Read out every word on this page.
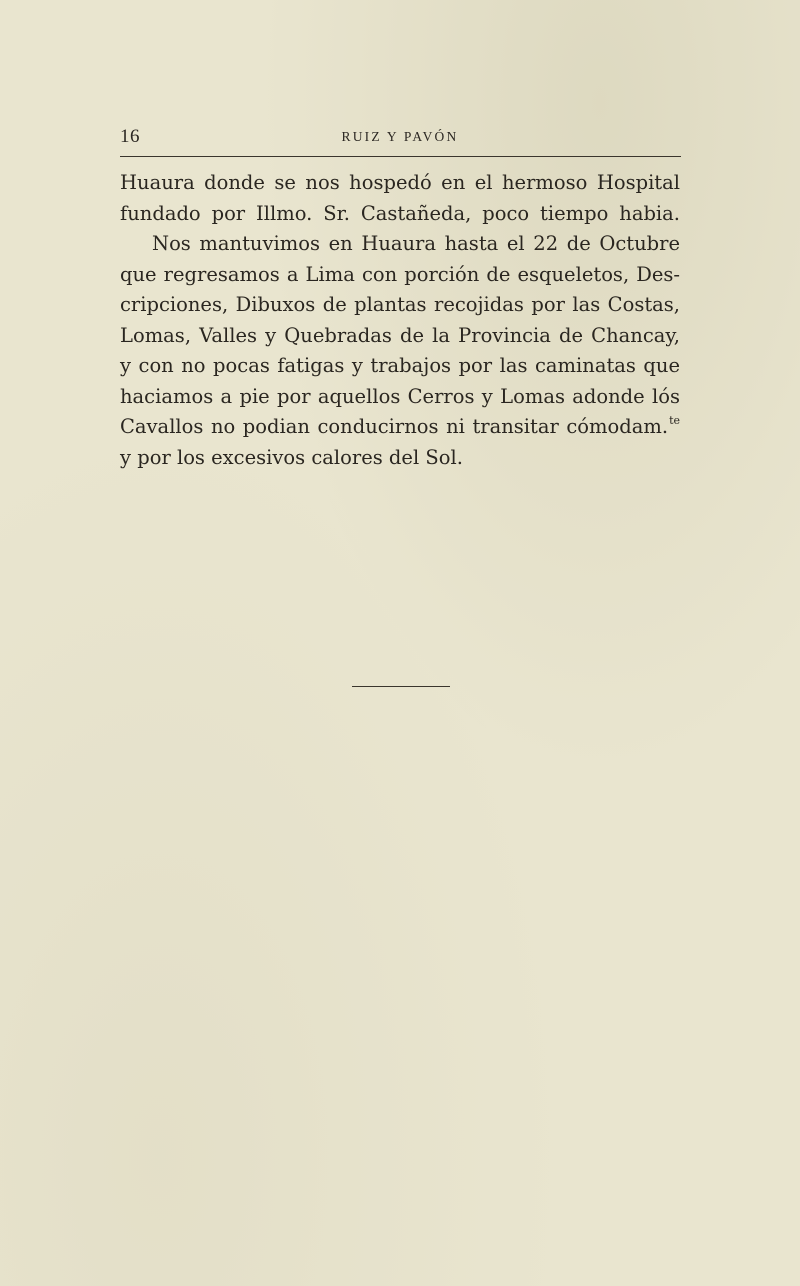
16	RUIZ Y PAVÓN
Huaura donde se nos hospedó en el hermoso Hospital
fundado por Illmo. Sr. Castañeda, poco tiempo habia.
Nos mantuvimos en Huaura hasta el 22 de Octubre
que regresamos a Lima con porción de esqueletos, Des-
cripciones, Dibuxos de plantas recojidas por las Costas,
Lomas, Valles y Quebradas de la Provincia de Chancay,
y con no pocas fatigas y trabajos por las caminatas que
haciamos a pie por aquellos Cerros y Lomas adonde lós
Cavallos no podian conducirnos ni transitar cómodam.$^{te}$
y por los excesivos calores del Sol.
